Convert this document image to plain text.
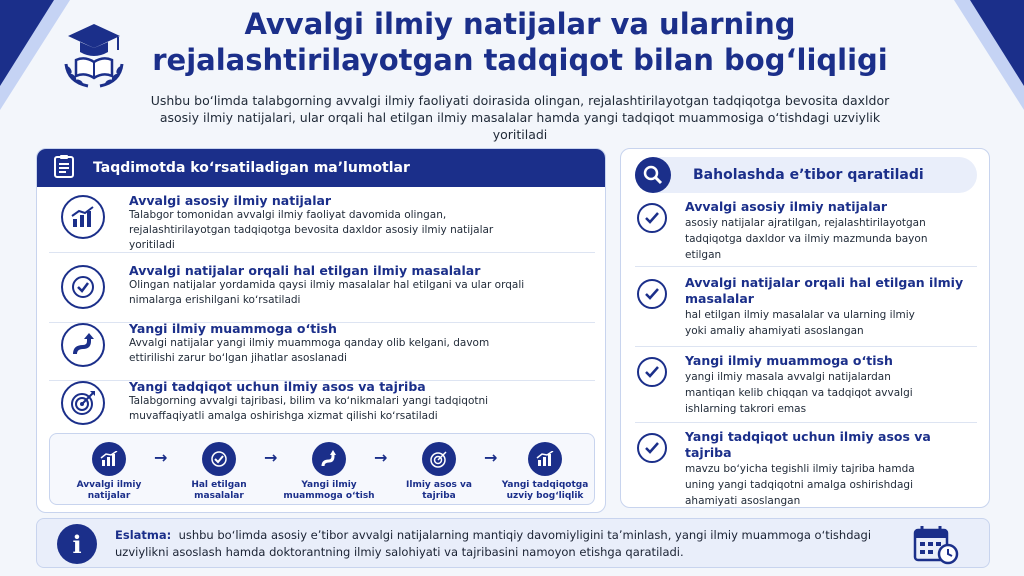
Avvalgi ilmiy natijalar va ularning
rejalashtirilayotgan tadqiqot bilan bogʻliqligi
Ushbu boʻlimda talabgorning avvalgi ilmiy faoliyati doirasida olingan, rejalashtirilayotgan tadqiqotga bevosita daxldor asosiy ilmiy natijalari, ular orqali hal etilgan ilmiy masalalar hamda yangi tadqiqot muammosiga oʻtishdagi uzviylik yoritiladi
Taqdimotda koʻrsatiladigan maʼlumotlar
Avvalgi asosiy ilmiy natijalar

Talabgor tomonidan avvalgi ilmiy faoliyat davomida olingan, rejalashtirilayotgan tadqiqotga bevosita daxldor asosiy ilmiy natijalar yoritiladi

Avvalgi natijalar orqali hal etilgan ilmiy masalalar

Olingan natijalar yordamida qaysi ilmiy masalalar hal etilgani va ular orqali nimalarga erishilgani koʻrsatiladi

Yangi ilmiy muammoga oʻtish

Avvalgi natijalar yangi ilmiy muammoga qanday olib kelgani, davom ettirilishi zarur boʻlgan jihatlar asoslanadi

Yangi tadqiqot uchun ilmiy asos va tajriba

Talabgorning avvalgi tajribasi, bilim va koʻnikmalari yangi tadqiqotni muvaffaqiyatli amalga oshirishga xizmat qilishi koʻrsatiladi

Avvalgi ilmiy
natijalar
→
Hal etilgan
masalalar
→
Yangi ilmiy
muammoga oʻtish
→
Ilmiy asos va
tajriba
→
Yangi tadqiqotga
uzviy bogʻliqlik
Baholashda eʼtibor qaratiladi
Avvalgi asosiy ilmiy natijalar

asosiy natijalar ajratilgan, rejalashtirilayotgan tadqiqotga daxldor va ilmiy mazmunda bayon etilgan

Avvalgi natijalar orqali hal etilgan ilmiy masalalar

hal etilgan ilmiy masalalar va ularning ilmiy yoki amaliy ahamiyati asoslangan

Yangi ilmiy muammoga oʻtish

yangi ilmiy masala avvalgi natijalardan mantiqan kelib chiqqan va tadqiqot avvalgi ishlarning takrori emas

Yangi tadqiqot uchun ilmiy asos va tajriba

mavzu boʻyicha tegishli ilmiy tajriba hamda uning yangi tadqiqotni amalga oshirishdagi ahamiyati asoslangan

i	Eslatma: ushbu boʻlimda asosiy eʼtibor avvalgi natijalarning mantiqiy davomiyligini taʼminlash, yangi ilmiy muammoga oʻtishdagi uzviylikni asoslash hamda doktorantning ilmiy salohiyati va tajribasini namoyon etishga qaratiladi.
